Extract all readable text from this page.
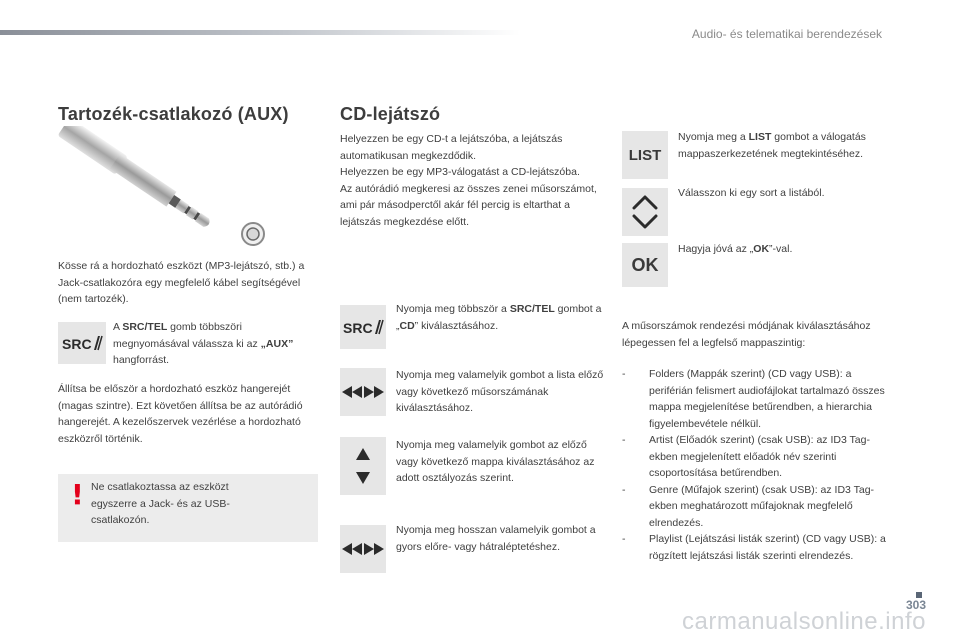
Audio- és telematikai berendezések
Tartozék-csatlakozó (AUX)
Kösse rá a hordozható eszközt (MP3-lejátszó, stb.) a Jack-csatlakozóra egy megfelelő kábel segítségével (nem tartozék).
SRC
A SRC/TEL gomb többszöri megnyomásával válassza ki az „AUX” hangforrást.
Állítsa be először a hordozható eszköz hangerejét (magas szintre). Ezt követően állítsa be az autórádió hangerejét. A kezelőszervek vezérlése a hordozható eszközről történik.
! Ne csatlakoztassa az eszközt egyszerre a Jack- és az USB-csatlakozón.
CD-lejátszó
Helyezzen be egy CD-t a lejátszóba, a lejátszás automatikusan megkezdődik.
Helyezzen be egy MP3-válogatást a CD-lejátszóba.
Az autórádió megkeresi az összes zenei műsorszámot, ami pár másodperctől akár fél percig is eltarthat a lejátszás megkezdése előtt.
SRC
Nyomja meg többször a SRC/TEL gombot a „CD” kiválasztásához.
Nyomja meg valamelyik gombot a lista előző vagy következő műsorszámának kiválasztásához.
Nyomja meg valamelyik gombot az előző vagy következő mappa kiválasztásához az adott osztályozás szerint.
Nyomja meg hosszan valamelyik gombot a gyors előre- vagy hátraléptetéshez.
LIST
Nyomja meg a LIST gombot a válogatás mappaszerkezetének megtekintéséhez.
Válasszon ki egy sort a listából.
OK
Hagyja jóvá az „OK”-val.
A műsorszámok rendezési módjának kiválasztásához lépegessen fel a legfelső mappaszintig:
- Folders (Mappák szerint) (CD vagy USB): a periférián felismert audiofájlokat tartalmazó összes mappa megjelenítése betűrendben, a hierarchia figyelembevétele nélkül.
- Artist (Előadók szerint) (csak USB): az ID3 Tag-ekben megjelenített előadók név szerinti csoportosítása betűrendben.
- Genre (Műfajok szerint) (csak USB): az ID3 Tag-ekben meghatározott műfajoknak megfelelő elrendezés.
- Playlist (Lejátszási listák szerint) (CD vagy USB): a rögzített lejátszási listák szerinti elrendezés.
303
carmanualsonline.info
